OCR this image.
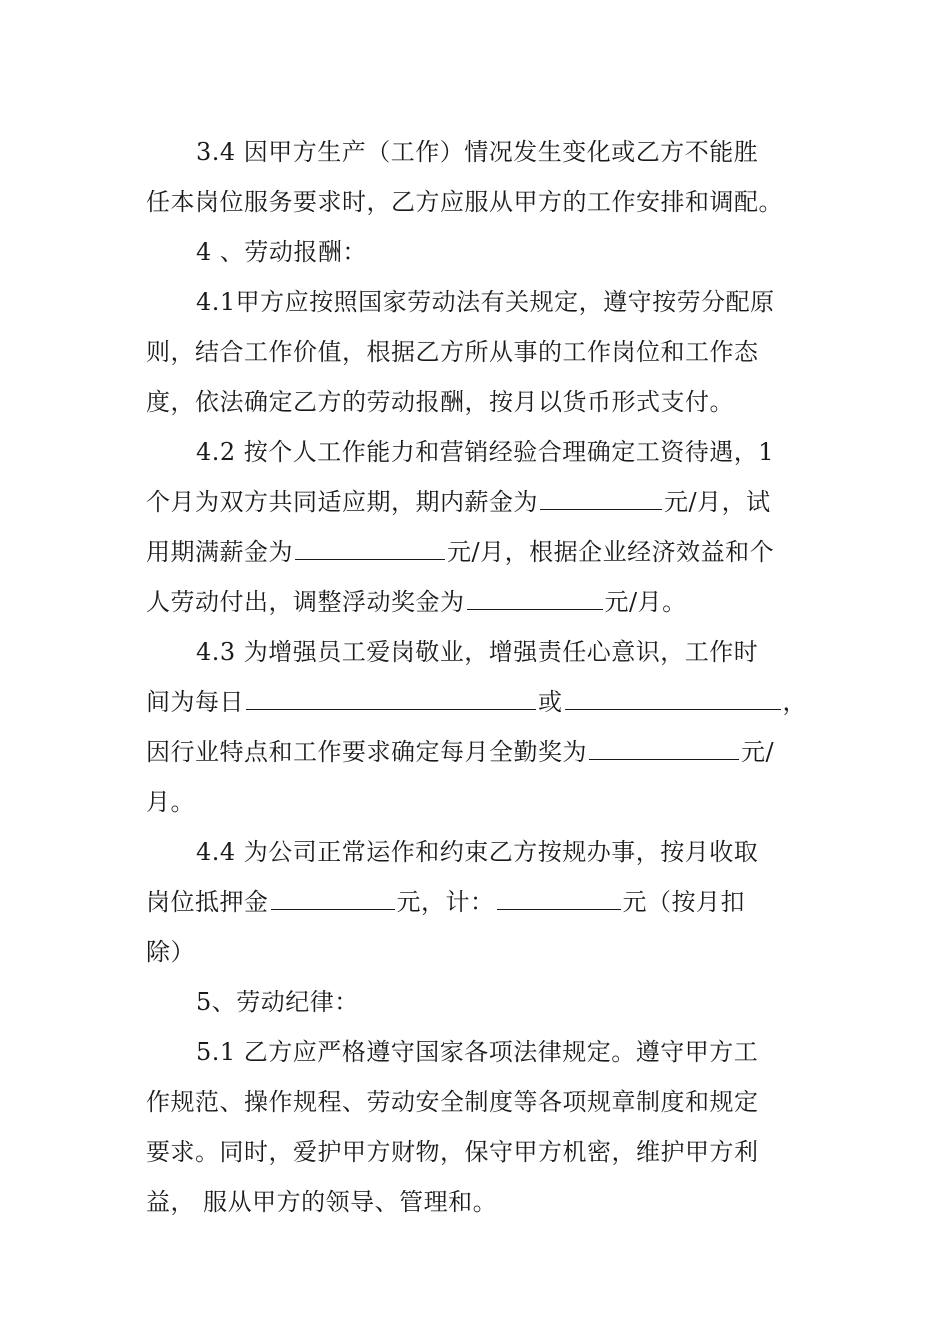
3.4 因甲方生产（工作）情况发生变化或乙方不能胜
任本岗位服务要求时，乙方应服从甲方的工作安排和调配。
4 、劳动报酬：
4.1甲方应按照国家劳动法有关规定，遵守按劳分配原
则，结合工作价值，根据乙方所从事的工作岗位和工作态
度，依法确定乙方的劳动报酬，按月以货币形式支付。
4.2 按个人工作能力和营销经验合理确定工资待遇，1
个月为双方共同适应期，期内薪金为	元/月，试
用期满薪金为	元/月，根据企业经济效益和个
人劳动付出，调整浮动奖金为	元/月。
4.3 为增强员工爱岗敬业，增强责任心意识，工作时
间为每日	或	，
因行业特点和工作要求确定每月全勤奖为	元/
月。
4.4 为公司正常运作和约束乙方按规办事，按月收取
岗位抵押金	元，计：	元（按月扣
除）
5、劳动纪律：
5.1 乙方应严格遵守国家各项法律规定。遵守甲方工
作规范、操作规程、劳动安全制度等各项规章制度和规定
要求。同时，爱护甲方财物，保守甲方机密，维护甲方利
益， 服从甲方的领导、管理和。
